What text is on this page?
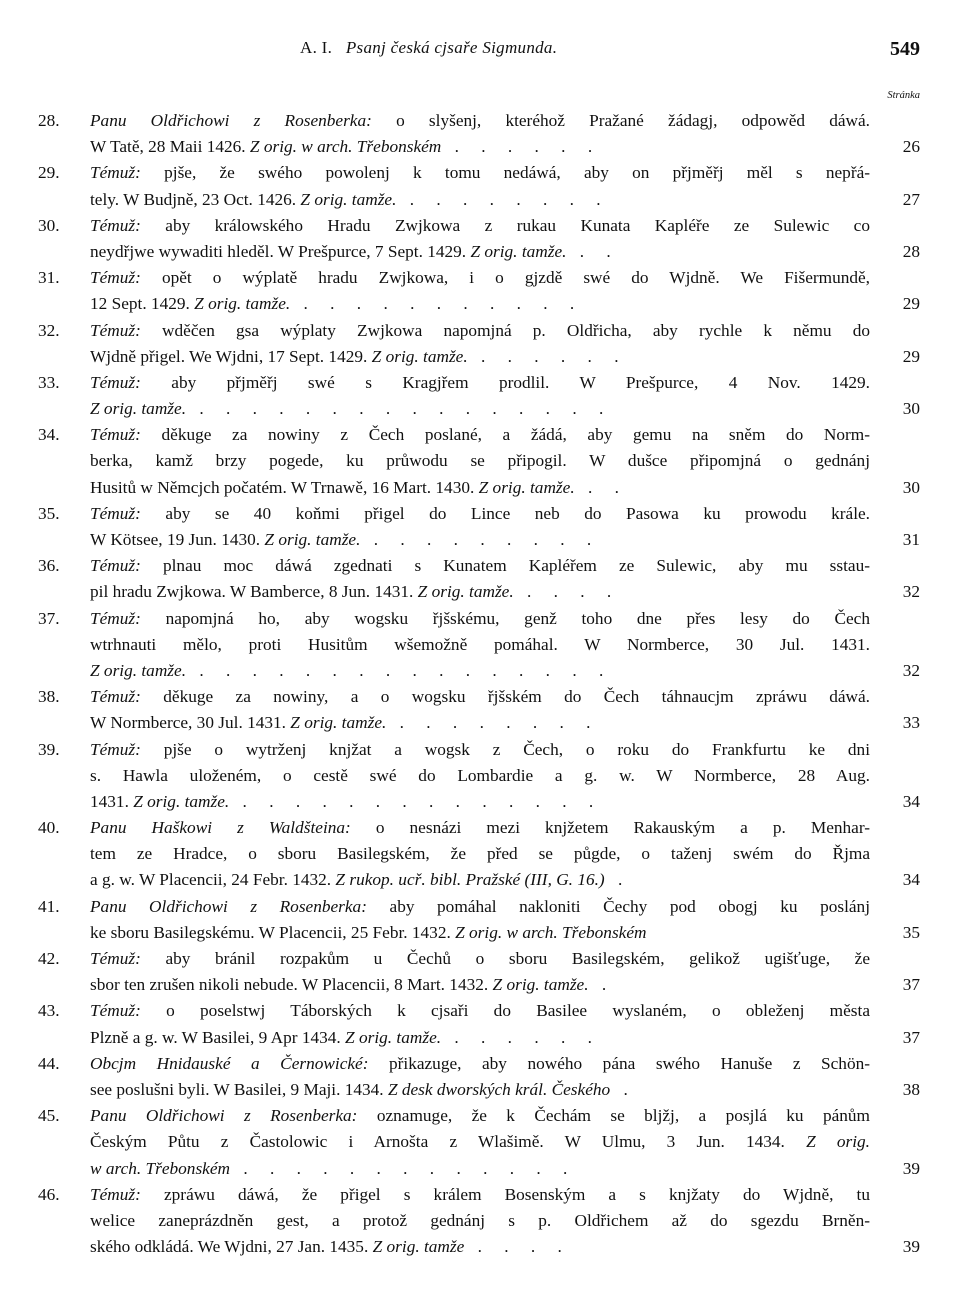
A. I. Psanj česká cjsaře Sigmunda.	549
Stránka
28.	Panu Oldřichowi z Rosenberka: o slyšenj, kteréhož Pražané žádagj, odpowěd dáwá.
W Tatě, 28 Maii 1426. Z orig. w arch. Třebonském . . . . . .	26
29.	Témuž: pjše, že swého powolenj k tomu nedáwá, aby on přjměřj měl s nepřá-
tely. W Budjně, 23 Oct. 1426. Z orig. tamže. . . . . . . . .	27
30.	Témuž: aby králowského Hradu Zwjkowa z rukau Kunata Kapléře ze Sulewic co
neydřjwe wywaditi hleděl. W Prešpurce, 7 Sept. 1429. Z orig. tamže. . .	28
31.	Témuž: opět o wýplatě hradu Zwjkowa, i o gjzdě swé do Wjdně. We Fišermundě,
12 Sept. 1429. Z orig. tamže. . . . . . . . . . . .	29
32.	Témuž: wděčen gsa wýplaty Zwjkowa napomjná p. Oldřicha, aby rychle k němu do
Wjdně přigel. We Wjdni, 17 Sept. 1429. Z orig. tamže. . . . . . .	29
33.	Témuž: aby přjměřj swé s Kragjřem prodlil. W Prešpurce, 4 Nov. 1429.
Z orig. tamže. . . . . . . . . . . . . . . . .	30
34.	Témuž: děkuge za nowiny z Čech poslané, a žádá, aby gemu na sněm do Norm-
berka, kamž brzy pogede, ku průwodu se připogil. W dušce připomjná o gednánj
Husitů w Němcjch počatém. W Trnawě, 16 Mart. 1430. Z orig. tamže. . .	30
35.	Témuž: aby se 40 koňmi přigel do Lince neb do Pasowa ku prowodu krále.
W Kötsee, 19 Jun. 1430. Z orig. tamže. . . . . . . . . .	31
36.	Témuž: plnau moc dáwá zgednati s Kunatem Kapléřem ze Sulewic, aby mu sstau-
pil hradu Zwjkowa. W Bamberce, 8 Jun. 1431. Z orig. tamže. . . . .	32
37.	Témuž: napomjná ho, aby wogsku řjšskému, genž toho dne přes lesy do Čech
wtrhnauti mělo, proti Husitům wšemožně pomáhal. W Normberce, 30 Jul. 1431.
Z orig. tamže. . . . . . . . . . . . . . . . .	32
38.	Témuž: děkuge za nowiny, a o wogsku řjšském do Čech táhnaucjm zpráwu dáwá.
W Normberce, 30 Jul. 1431. Z orig. tamže. . . . . . . . .	33
39.	Témuž: pjše o wytrženj knjžat a wogsk z Čech, o roku do Frankfurtu ke dni
s. Hawla uloženém, o cestě swé do Lombardie a g. w. W Normberce, 28 Aug.
1431. Z orig. tamže. . . . . . . . . . . . . . .	34
40.	Panu Haškowi z Waldšteina: o nesnázi mezi knjžetem Rakauským a p. Menhar-
tem ze Hradce, o sboru Basilegském, že před se půgde, o taženj swém do Řjma
a g. w. W Placencii, 24 Febr. 1432. Z rukop. ucř. bibl. Pražské (III, G. 16.) .	34
41.	Panu Oldřichowi z Rosenberka: aby pomáhal nakloniti Čechy pod obogj ku poslánj
ke sboru Basilegskému. W Placencii, 25 Febr. 1432. Z orig. w arch. Třebonském	35
42.	Témuž: aby bránil rozpakům u Čechů o sboru Basilegském, gelikož ugišťuge, že
sbor ten zrušen nikoli nebude. W Placencii, 8 Mart. 1432. Z orig. tamže. .	37
43.	Témuž: o poselstwj Táborských k cjsaři do Basilee wyslaném, o obleženj města
Plzně a g. w. W Basilei, 9 Apr 1434. Z orig. tamže. . . . . . .	37
44.	Obcjm Hnidauské a Černowické: přikazuge, aby nowého pána swého Hanuše z Schön-
see poslušni byli. W Basilei, 9 Maji. 1434. Z desk dworských král. Českého .	38
45.	Panu Oldřichowi z Rosenberka: oznamuge, že k Čechám se bljžj, a posjlá ku pánům
Českým Půtu z Častolowic i Arnošta z Wlašimě. W Ulmu, 3 Jun. 1434. Z orig.
w arch. Třebonském . . . . . . . . . . . . .	39
46.	Témuž: zpráwu dáwá, že přigel s králem Bosenským a s knjžaty do Wjdně, tu
welice zaneprázdněn gest, a protož gednánj s p. Oldřichem až do sgezdu Brněn-
ského odkládá. We Wjdni, 27 Jan. 1435. Z orig. tamže . . . .	39
